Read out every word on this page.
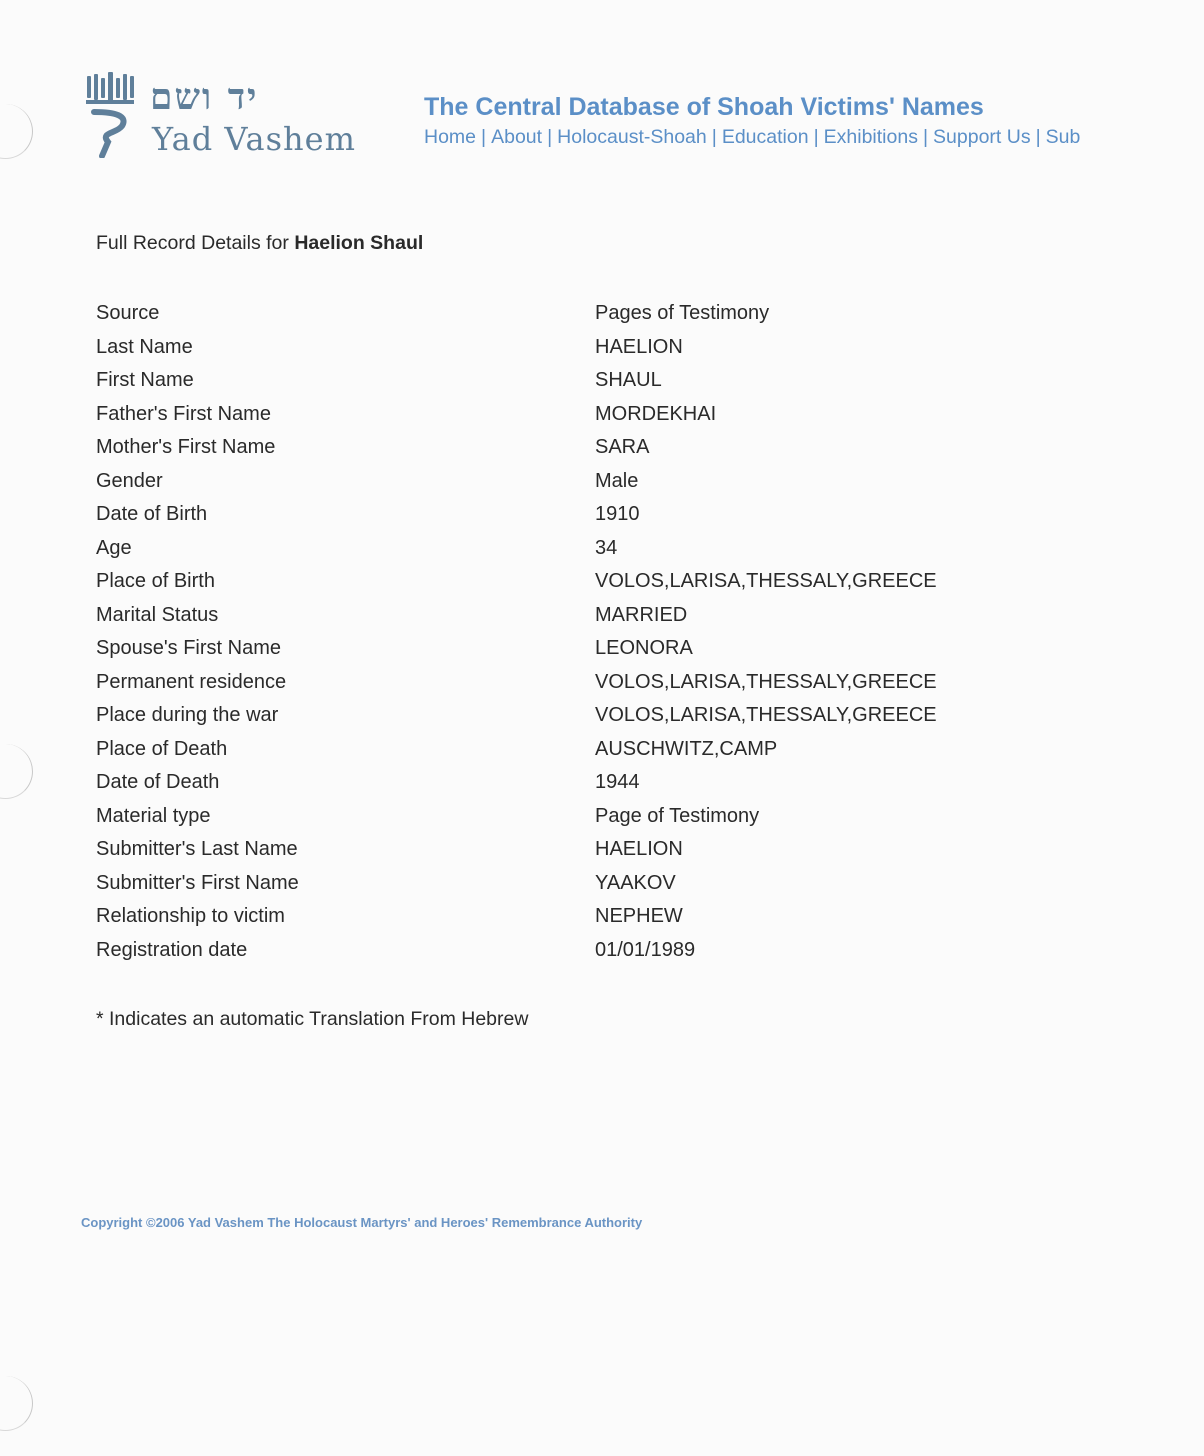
יד ושם
Yad Vashem
The Central Database of Shoah Victims' Names
Home | About | Holocaust-Shoah | Education | Exhibitions | Support Us | Sub
Full Record Details for Haelion Shaul
Source	Pages of Testimony
Last Name	HAELION
First Name	SHAUL
Father's First Name	MORDEKHAI
Mother's First Name	SARA
Gender	Male
Date of Birth	1910
Age	34
Place of Birth	VOLOS,LARISA,THESSALY,GREECE
Marital Status	MARRIED
Spouse's First Name	LEONORA
Permanent residence	VOLOS,LARISA,THESSALY,GREECE
Place during the war	VOLOS,LARISA,THESSALY,GREECE
Place of Death	AUSCHWITZ,CAMP
Date of Death	1944
Material type	Page of Testimony
Submitter's Last Name	HAELION
Submitter's First Name	YAAKOV
Relationship to victim	NEPHEW
Registration date	01/01/1989
* Indicates an automatic Translation From Hebrew
Copyright ©2006 Yad Vashem The Holocaust Martyrs' and Heroes' Remembrance Authority
